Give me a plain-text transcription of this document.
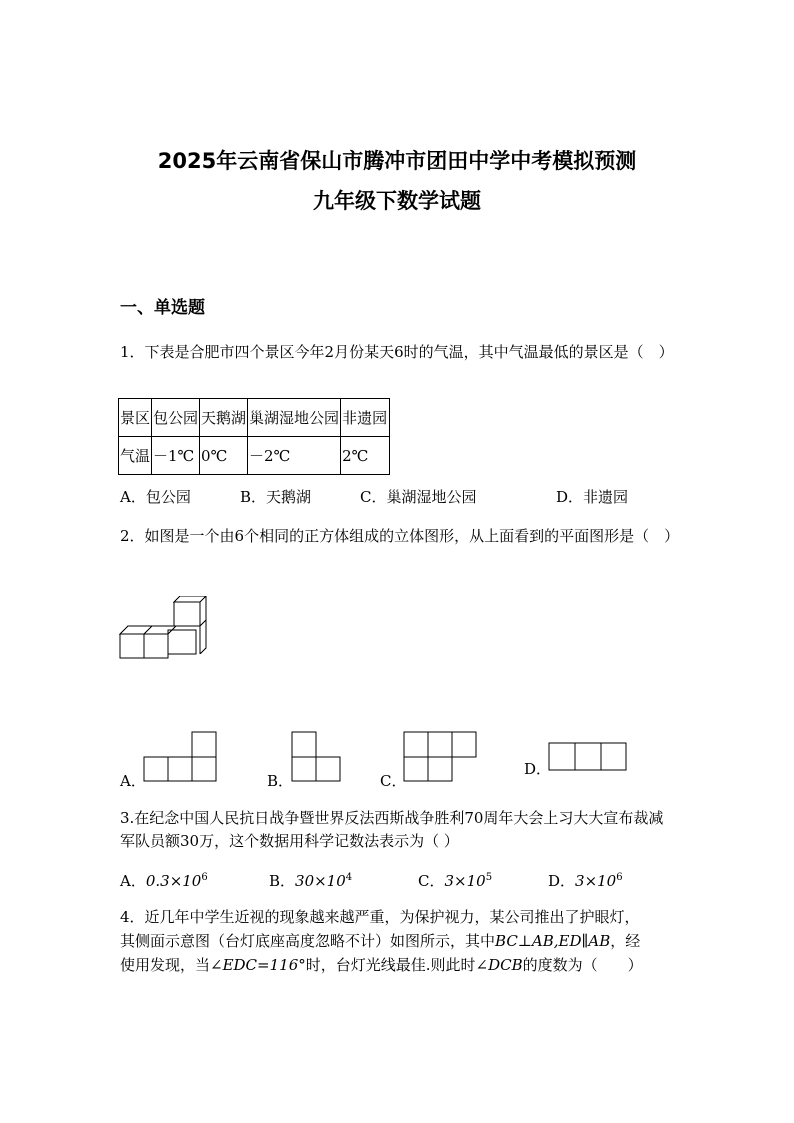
2025年云南省保山市腾冲市团田中学中考模拟预测
九年级下数学试题
一、单选题
1．下表是合肥市四个景区今年2月份某天6时的气温，其中气温最低的景区是（　）
景区	包公园	天鹅湖	巢湖湿地公园	非遗园
气温	－1℃	0℃	－2℃	2℃
A．包公园	B．天鹅湖	C．巢湖湿地公园	D．非遗园
2．如图是一个由6个相同的正方体组成的立体图形，从上面看到的平面图形是（　）
A．	B．	C．
D．
3.在纪念中国人民抗日战争暨世界反法西斯战争胜利70周年大会上习大大宣布裁减军队员额30万，这个数据用科学记数法表示为（ ）
A．$0.3\times 10^6$	B．$30\times 10^4$	C．$3\times 10^5$	D．$3\times 10^6$
4．近几年中学生近视的现象越来越严重，为保护视力，某公司推出了护眼灯，
其侧面示意图（台灯底座高度忽略不计）如图所示，其中BC⊥AB,ED∥AB，经
使用发现，当∠EDC=116°时，台灯光线最佳.则此时∠DCB的度数为（　　）
